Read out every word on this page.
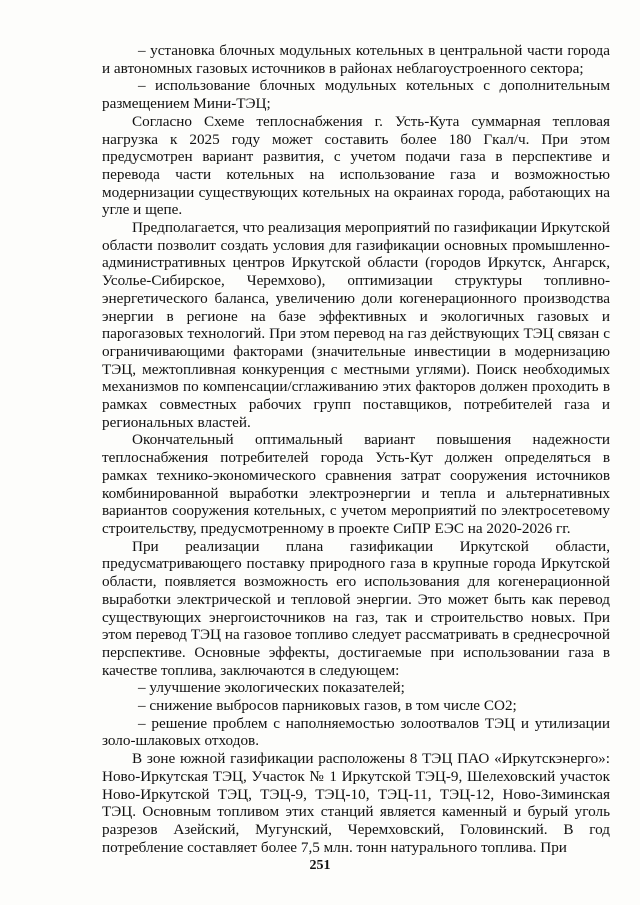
– установка блочных модульных котельных в центральной части города и автономных газовых источников в районах неблагоустроенного сектора;

– использование блочных модульных котельных с дополнительным размещением Мини-ТЭЦ;

Согласно Схеме теплоснабжения г. Усть-Кута суммарная тепловая нагрузка к 2025 году может составить более 180 Гкал/ч. При этом предусмотрен вариант развития, с учетом подачи газа в перспективе и перевода части котельных на использование газа и возможностью модернизации существующих котельных на окраинах города, работающих на угле и щепе.

Предполагается, что реализация мероприятий по газификации Иркутской области позволит создать условия для газификации основных промышленно-административных центров Иркутской области (городов Иркутск, Ангарск, Усолье-Сибирское, Черемхово), оптимизации структуры топливно-энергетического баланса, увеличению доли когенерационного производства энергии в регионе на базе эффективных и экологичных газовых и парогазовых технологий. При этом перевод на газ действующих ТЭЦ связан с ограничивающими факторами (значительные инвестиции в модернизацию ТЭЦ, межтопливная конкуренция с местными углями). Поиск необходимых механизмов по компенсации/сглаживанию этих факторов должен проходить в рамках совместных рабочих групп поставщиков, потребителей газа и региональных властей.

Окончательный оптимальный вариант повышения надежности теплоснабжения потребителей города Усть-Кут должен определяться в рамках технико-экономического сравнения затрат сооружения источников комбинированной выработки электроэнергии и тепла и альтернативных вариантов сооружения котельных, с учетом мероприятий по электросетевому строительству, предусмотренному в проекте СиПР ЕЭС на 2020-2026 гг.

При реализации плана газификации Иркутской области, предусматривающего поставку природного газа в крупные города Иркутской области, появляется возможность его использования для когенерационной выработки электрической и тепловой энергии. Это может быть как перевод существующих энергоисточников на газ, так и строительство новых. При этом перевод ТЭЦ на газовое топливо следует рассматривать в среднесрочной перспективе. Основные эффекты, достигаемые при использовании газа в качестве топлива, заключаются в следующем:

– улучшение экологических показателей;

– снижение выбросов парниковых газов, в том числе CO2;

– решение проблем с наполняемостью золоотвалов ТЭЦ и утилизации золо-шлаковых отходов.

В зоне южной газификации расположены 8 ТЭЦ ПАО «Иркутскэнерго»: Ново-Иркутская ТЭЦ, Участок № 1 Иркутской ТЭЦ-9, Шелеховский участок Ново-Иркутской ТЭЦ, ТЭЦ-9, ТЭЦ-10, ТЭЦ-11, ТЭЦ-12, Ново-Зиминская ТЭЦ. Основным топливом этих станций является каменный и бурый уголь разрезов Азейский, Мугунский, Черемховский, Головинский. В год потребление составляет более 7,5 млн. тонн натурального топлива. При

251
